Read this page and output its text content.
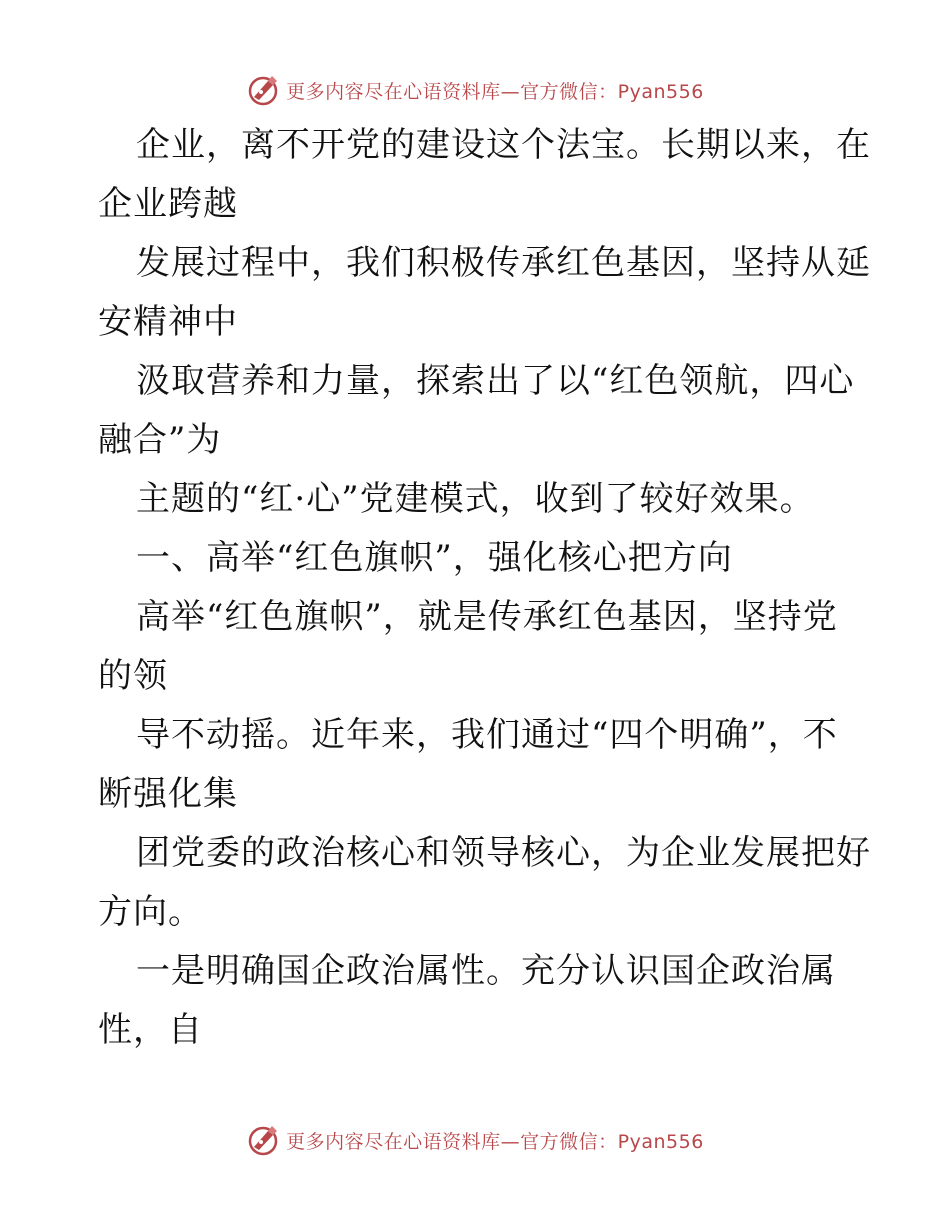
更多内容尽在心语资料库—官方微信：Pyan556
企业，离不开党的建设这个法宝。长期以来，在
企业跨越
发展过程中，我们积极传承红色基因，坚持从延
安精神中
汲取营养和力量，探索出了以“红色领航，四心
融合”为
主题的“红·心”党建模式，收到了较好效果。
一、高举“红色旗帜”，强化核心把方向
高举“红色旗帜”，就是传承红色基因，坚持党
的领
导不动摇。近年来，我们通过“四个明确”，不
断强化集
团党委的政治核心和领导核心，为企业发展把好
方向。
一是明确国企政治属性。充分认识国企政治属
性，自
更多内容尽在心语资料库—官方微信：Pyan556
